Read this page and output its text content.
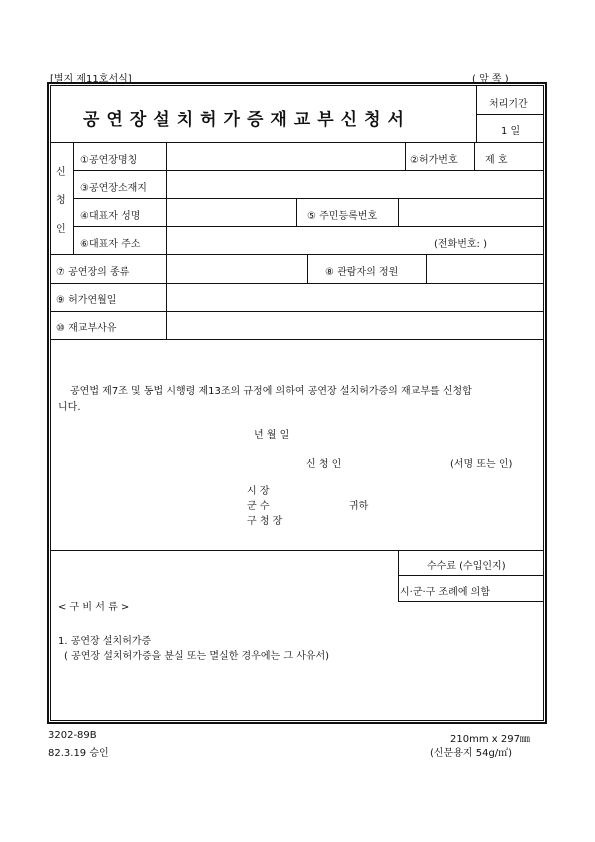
[별지 제11호서식]	( 앞 쪽 )
공연장설치허가증재교부신청서
처리기간
1 일
신
청
인
①공연장명칭	②허가번호	제 호
③공연장소재지
④대표자 성명	⑤ 주민등록번호
⑥대표자 주소	(전화번호: )
⑦ 공연장의 종류	⑧ 관람자의 정원
⑨ 허가연월일
⑩ 재교부사유
공연법 제7조 및 동법 시행령 제13조의 규정에 의하여 공연장 설치허가증의 재교부를 신청합
니다.
년 월 일
신 청 인	(서명 또는 인)
시 장
군 수	귀하
구 청 장
수수료 (수입인지)
시·군·구 조례에 의함
< 구 비 서 류 >
1. 공연장 설치허가증
( 공연장 설치허가증을 분실 또는 멸실한 경우에는 그 사유서)
3202-89B
82.3.19 승인
210mm x 297㎜
(신문용지 54g/㎡)
